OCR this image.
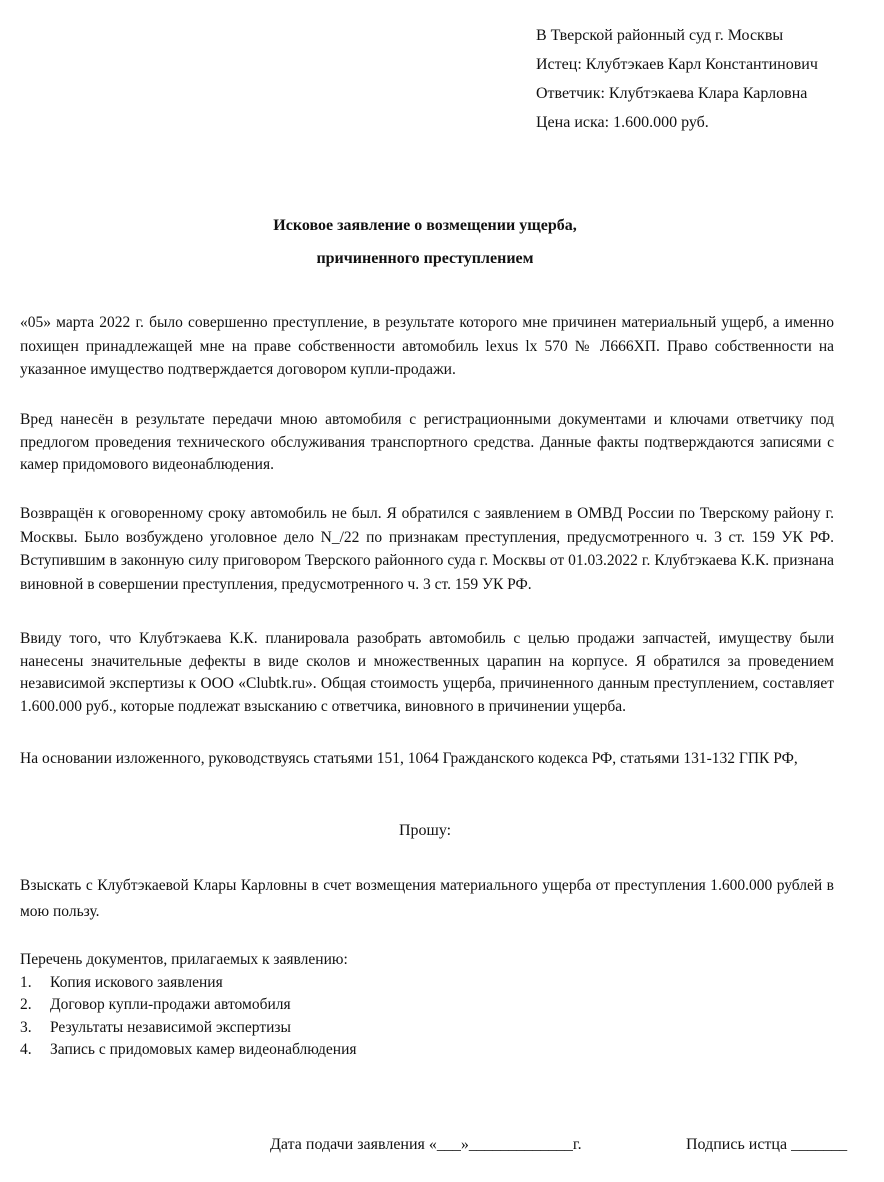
В Тверской районный суд г. Москвы
Истец: Клубтэкаев Карл Константинович
Ответчик: Клубтэкаева Клара Карловна
Цена иска: 1.600.000 руб.
Исковое заявление о возмещении ущерба,
причиненного преступлением
«05» марта 2022 г. было совершенно преступление, в результате которого мне причинен материальный ущерб, а именно похищен принадлежащей мне на праве собственности автомобиль lexus lx 570 № Л666ХП. Право собственности на указанное имущество подтверждается договором купли-продажи.
Вред нанесён в результате передачи мною автомобиля с регистрационными документами и ключами ответчику под предлогом проведения технического обслуживания транспортного средства. Данные факты подтверждаются записями с камер придомового видеонаблюдения.
Возвращён к оговоренному сроку автомобиль не был. Я обратился с заявлением в ОМВД России по Тверскому району г. Москвы. Было возбуждено уголовное дело N_/22 по признакам преступления, предусмотренного ч. 3 ст. 159 УК РФ. Вступившим в законную силу приговором Тверского районного суда г. Москвы от 01.03.2022 г. Клубтэкаева К.К. признана виновной в совершении преступления, предусмотренного ч. 3 ст. 159 УК РФ.
Ввиду того, что Клубтэкаева К.К. планировала разобрать автомобиль с целью продажи запчастей, имуществу были нанесены значительные дефекты в виде сколов и множественных царапин на корпусе. Я обратился за проведением независимой экспертизы к ООО «Clubtk.ru». Общая стоимость ущерба, причиненного данным преступлением, составляет 1.600.000 руб., которые подлежат взысканию с ответчика, виновного в причинении ущерба.
На основании изложенного, руководствуясь статьями 151, 1064 Гражданского кодекса РФ, статьями 131-132 ГПК РФ,
Прошу:
Взыскать с Клубтэкаевой Клары Карловны в счет возмещения материального ущерба от преступления 1.600.000 рублей в мою пользу.
Перечень документов, прилагаемых к заявлению:
1.	Копия искового заявления
2.	Договор купли-продажи автомобиля
3.	Результаты независимой экспертизы
4.	Запись с придомовых камер видеонаблюдения
Дата подачи заявления «___»_____________г.	Подпись истца _______
